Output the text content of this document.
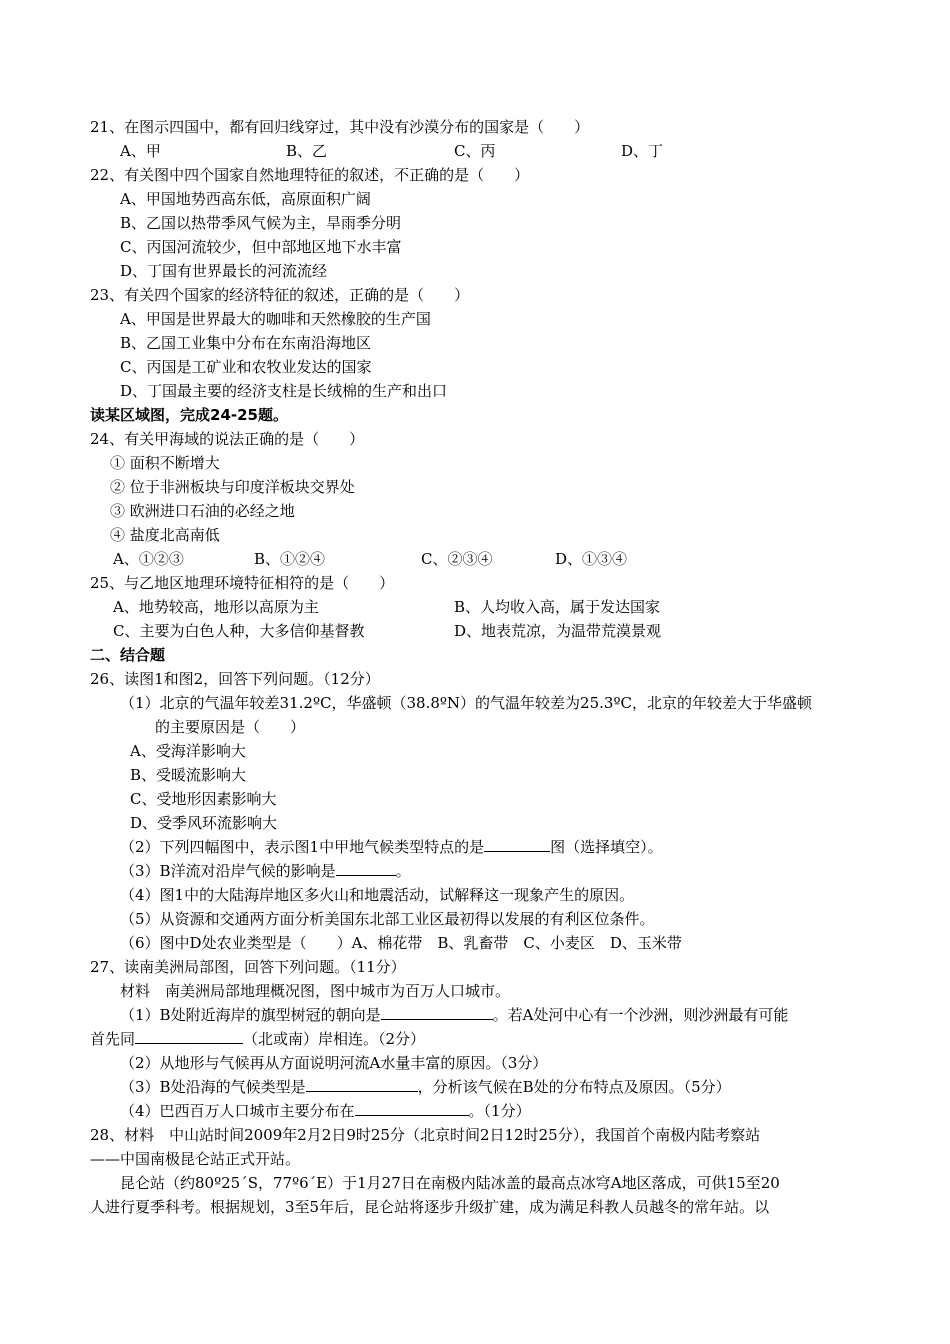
21、在图示四国中，都有回归线穿过，其中没有沙漠分布的国家是（　　）
A、甲	B、乙	C、丙	D、丁
22、有关图中四个国家自然地理特征的叙述，不正确的是（　　）
A、甲国地势西高东低，高原面积广阔
B、乙国以热带季风气候为主，旱雨季分明
C、丙国河流较少，但中部地区地下水丰富
D、丁国有世界最长的河流流经
23、有关四个国家的经济特征的叙述，正确的是（　　）
A、甲国是世界最大的咖啡和天然橡胶的生产国
B、乙国工业集中分布在东南沿海地区
C、丙国是工矿业和农牧业发达的国家
D、丁国最主要的经济支柱是长绒棉的生产和出口
读某区域图，完成24-25题。
24、有关甲海域的说法正确的是（　　）
① 面积不断增大
② 位于非洲板块与印度洋板块交界处
③ 欧洲进口石油的必经之地
④ 盐度北高南低
A、①②③	B、①②④	C、②③④	D、①③④
25、与乙地区地理环境特征相符的是（　　）
A、地势较高，地形以高原为主	B、人均收入高，属于发达国家
C、主要为白色人种，大多信仰基督教	D、地表荒凉，为温带荒漠景观
二、结合题
26、读图1和图2，回答下列问题。（12分）
（1）北京的气温年较差31.2ºC，华盛顿（38.8ºN）的气温年较差为25.3ºC，北京的年较差大于华盛顿
的主要原因是（　　）
A、受海洋影响大
B、受暖流影响大
C、受地形因素影响大
D、受季风环流影响大
（2）下列四幅图中，表示图1中甲地气候类型特点的是	图（选择填空）。
（3）B洋流对沿岸气候的影响是	。
（4）图1中的大陆海岸地区多火山和地震活动，试解释这一现象产生的原因。
（5）从资源和交通两方面分析美国东北部工业区最初得以发展的有利区位条件。
（6）图中D处农业类型是（　　）A、棉花带　B、乳畜带　C、小麦区　D、玉米带
27、读南美洲局部图，回答下列问题。（11分）
材料　南美洲局部地理概况图，图中城市为百万人口城市。
（1）B处附近海岸的旗型树冠的朝向是	。若A处河中心有一个沙洲，则沙洲最有可能
首先同	（北或南）岸相连。（2分）
（2）从地形与气候再从方面说明河流A水量丰富的原因。（3分）
（3）B处沿海的气候类型是	，分析该气候在B处的分布特点及原因。（5分）
（4）巴西百万人口城市主要分布在	。（1分）
28、材料　中山站时间2009年2月2日9时25分（北京时间2日12时25分），我国首个南极内陆考察站
——中国南极昆仑站正式开站。
昆仑站（约80º25´S，77º6´E）于1月27日在南极内陆冰盖的最高点冰穹A地区落成，可供15至20
人进行夏季科考。根据规划，3至5年后，昆仑站将逐步升级扩建，成为满足科教人员越冬的常年站。以
